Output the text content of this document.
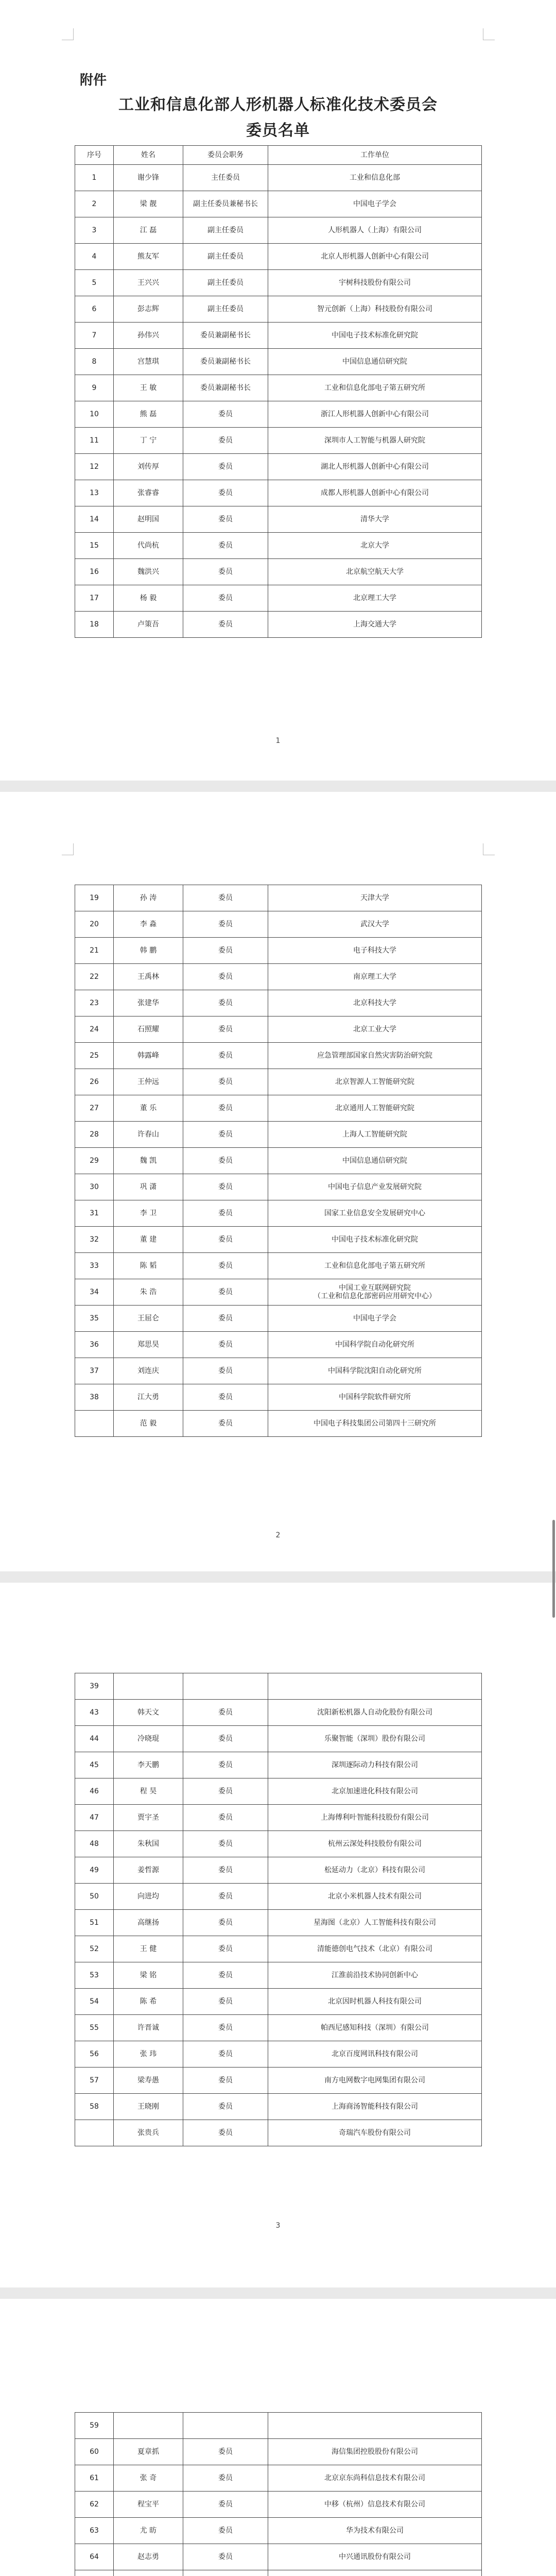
附件
工业和信息化部人形机器人标准化技术委员会
委员名单
序号	姓名	委员会职务	工作单位
1	谢少锋	主任委员	工业和信息化部
2	梁 靓	副主任委员兼秘书长	中国电子学会
3	江 磊	副主任委员	人形机器人（上海）有限公司
4	熊友军	副主任委员	北京人形机器人创新中心有限公司
5	王兴兴	副主任委员	宇树科技股份有限公司
6	彭志辉	副主任委员	智元创新（上海）科技股份有限公司
7	孙伟兴	委员兼副秘书长	中国电子技术标准化研究院
8	宫慧琪	委员兼副秘书长	中国信息通信研究院
9	王 敏	委员兼副秘书长	工业和信息化部电子第五研究所
10	熊 磊	委员	浙江人形机器人创新中心有限公司
11	丁 宁	委员	深圳市人工智能与机器人研究院
12	刘传厚	委员	湖北人形机器人创新中心有限公司
13	张睿睿	委员	成都人形机器人创新中心有限公司
14	赵明国	委员	清华大学
15	代尚杭	委员	北京大学
16	魏洪兴	委员	北京航空航天大学
17	杨 毅	委员	北京理工大学
18	卢策吾	委员	上海交通大学
1
19	孙 涛	委员	天津大学
20	李 淼	委员	武汉大学
21	韩 鹏	委员	电子科技大学
22	王禹林	委员	南京理工大学
23	张建华	委员	北京科技大学
24	石照耀	委员	北京工业大学
25	韩露峰	委员	应急管理部国家自然灾害防治研究院
26	王仲远	委员	北京智源人工智能研究院
27	董 乐	委员	北京通用人工智能研究院
28	许春山	委员	上海人工智能研究院
29	魏 凯	委员	中国信息通信研究院
30	巩 潇	委员	中国电子信息产业发展研究院
31	李 卫	委员	国家工业信息安全发展研究中心
32	董 建	委员	中国电子技术标准化研究院
33	陈 韬	委员	工业和信息化部电子第五研究所
34	朱 浩	委员	中国工业互联网研究院
（工业和信息化部密码应用研究中心）
35	王屈仑	委员	中国电子学会
36	郑思昊	委员	中国科学院自动化研究所
37	刘连庆	委员	中国科学院沈阳自动化研究所
38	江大勇	委员	中国科学院软件研究所
	范 毅	委员	中国电子科技集团公司第四十三研究所
2
39			
43	韩天文	委员	沈阳新松机器人自动化股份有限公司
44	冷晓琨	委员	乐聚智能（深圳）股份有限公司
45	李天鹏	委员	深圳逐际动力科技有限公司
46	程 昊	委员	北京加速进化科技有限公司
47	贾宇圣	委员	上海傅利叶智能科技股份有限公司
48	朱秋国	委员	杭州云深处科技股份有限公司
49	姜哲源	委员	松延动力（北京）科技有限公司
50	向进均	委员	北京小米机器人技术有限公司
51	高继扬	委员	星海图（北京）人工智能科技有限公司
52	王 健	委员	清能德创电气技术（北京）有限公司
53	梁 铭	委员	江淮前沿技术协同创新中心
54	陈 希	委员	北京因时机器人科技有限公司
55	许晋诚	委员	帕西尼感知科技（深圳）有限公司
56	张 玮	委员	北京百度网讯科技有限公司
57	梁寿愚	委员	南方电网数字电网集团有限公司
58	王晓刚	委员	上海商汤智能科技有限公司
	张贵兵	委员	奇瑞汽车股份有限公司
3
59			
60	夏章抓	委员	海信集团控股股份有限公司
61	张 奇	委员	北京京东尚科信息技术有限公司
62	程宝平	委员	中移（杭州）信息技术有限公司
63	尤 昉	委员	华为技术有限公司
64	赵志勇	委员	中兴通讯股份有限公司
